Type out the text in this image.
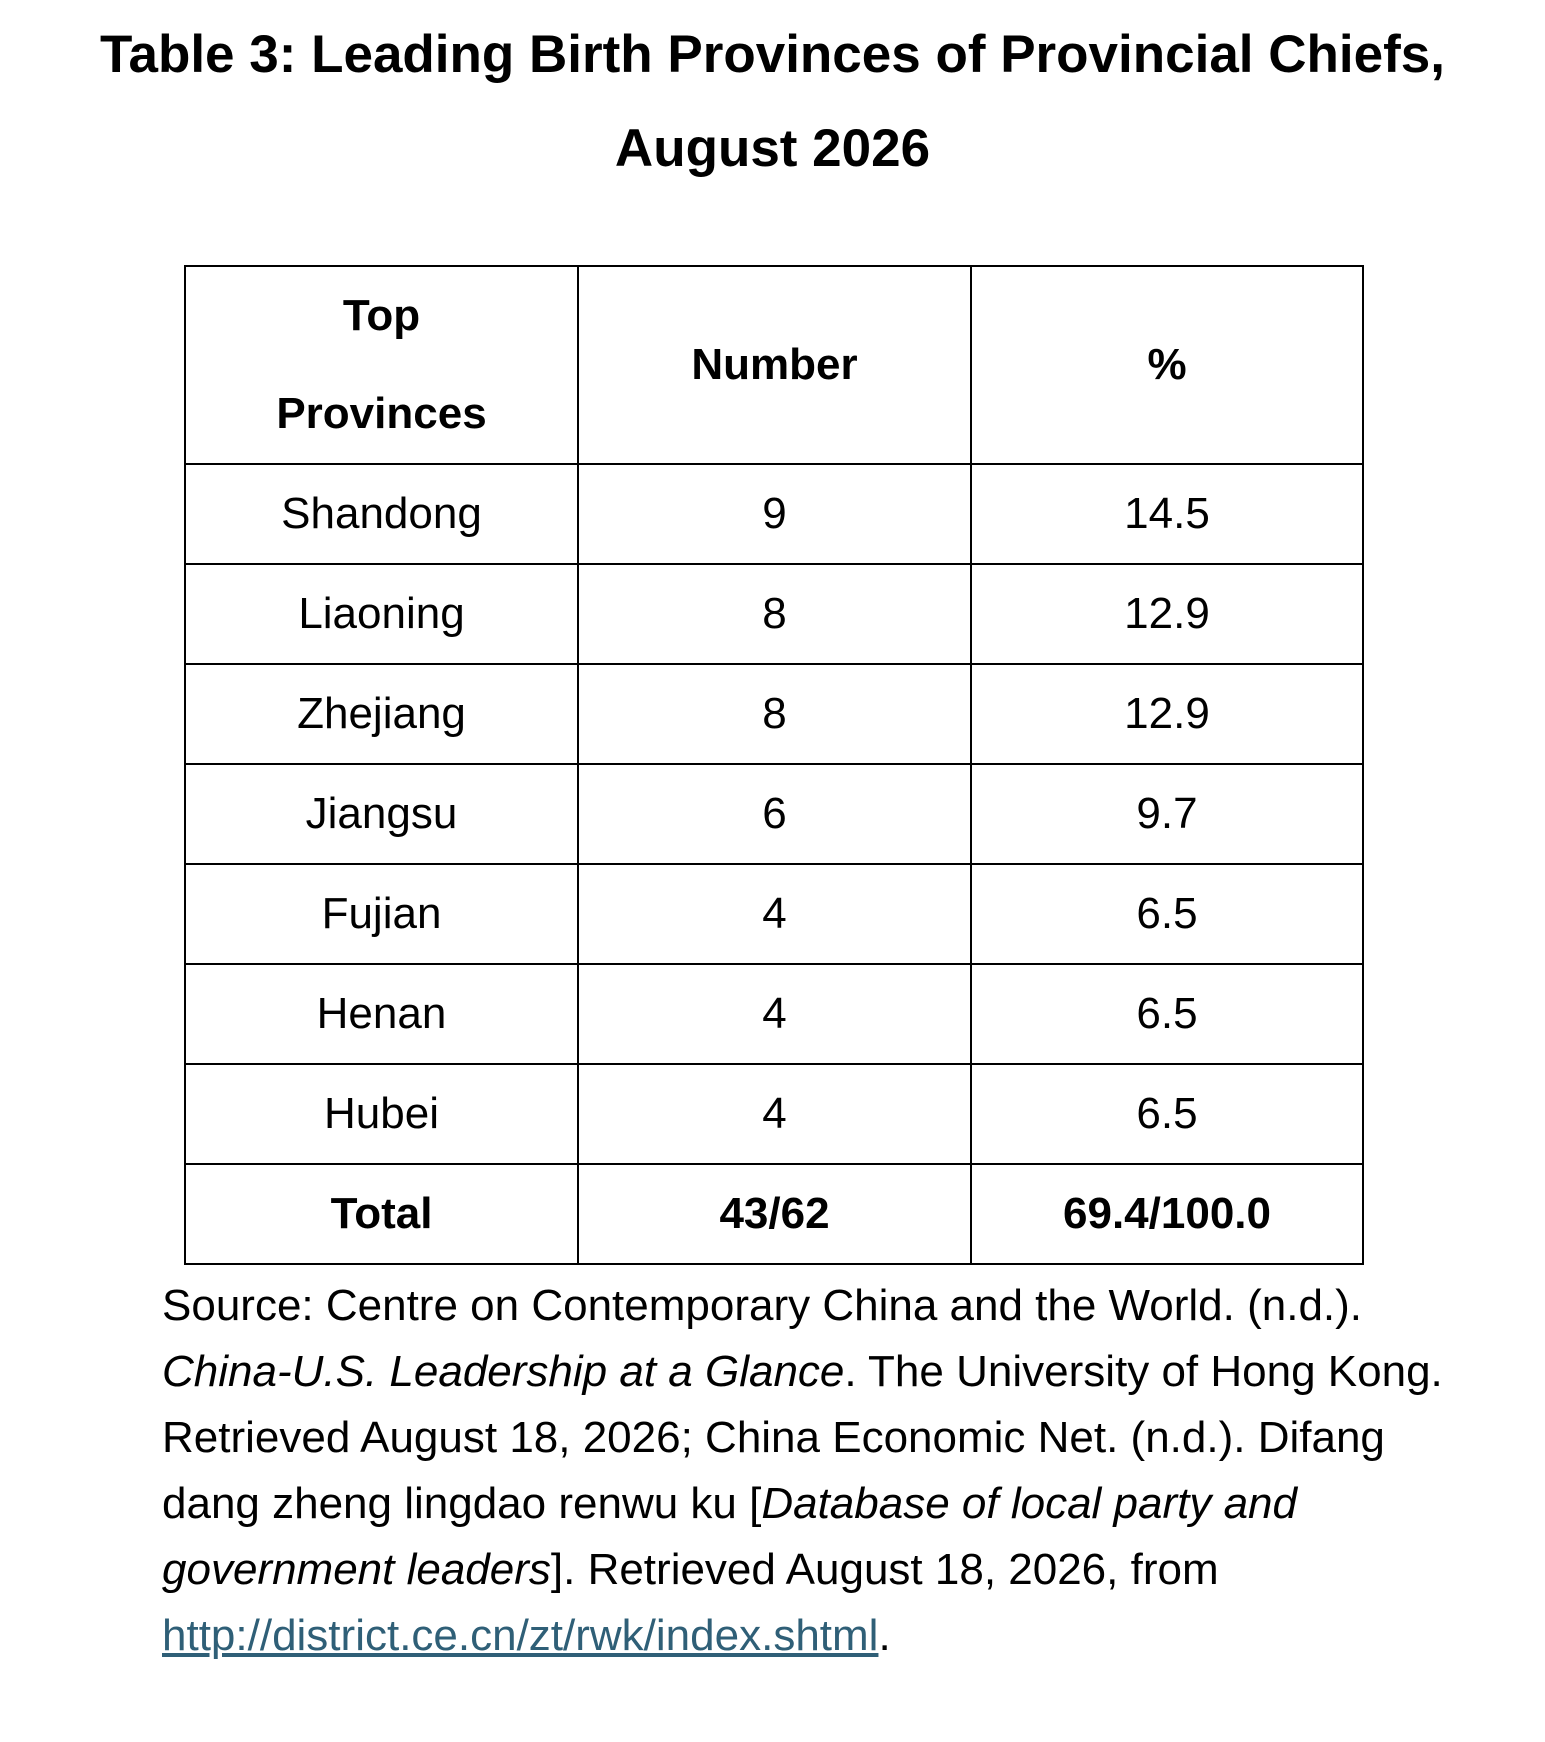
Table 3: Leading Birth Provinces of Provincial Chiefs,
August 2026
Top
Provinces	Number	%
Shandong	9	14.5
Liaoning	8	12.9
Zhejiang	8	12.9
Jiangsu	6	9.7
Fujian	4	6.5
Henan	4	6.5
Hubei	4	6.5
Total	43/62	69.4/100.0

Source: Centre on Contemporary China and the World. (n.d.). China-U.S. Leadership at a Glance. The University of Hong Kong. Retrieved August 18, 2026; China Economic Net. (n.d.). Difang dang zheng lingdao renwu ku [Database of local party and government leaders]. Retrieved August 18, 2026, from http://district.ce.cn/zt/rwk/index.shtml.
